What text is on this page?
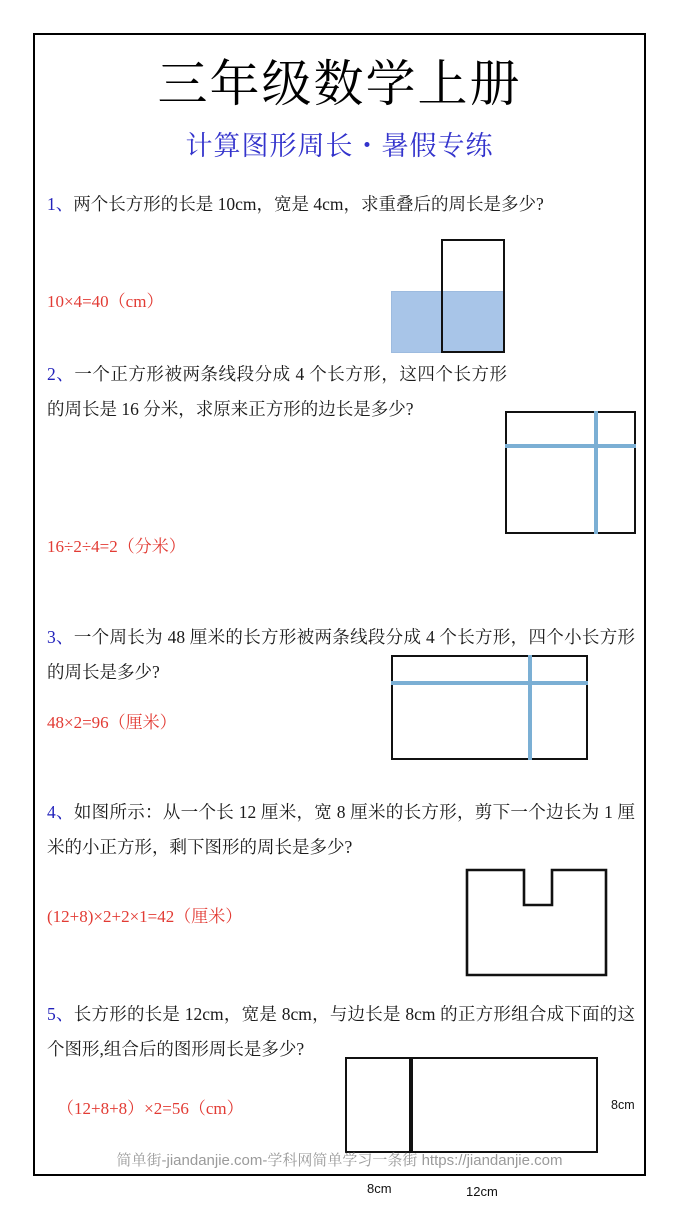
三年级数学上册
计算图形周长・暑假专练
1、两个长方形的长是 10cm，宽是 4cm，求重叠后的周长是多少?
10×4=40（cm）
2、一个正方形被两条线段分成 4 个长方形，这四个长方形的周长是 16 分米，求原来正方形的边长是多少?
16÷2÷4=2（分米）
3、一个周长为 48 厘米的长方形被两条线段分成 4 个长方形，四个小长方形的周长是多少?
48×2=96（厘米）
4、如图所示：从一个长 12 厘米，宽 8 厘米的长方形，剪下一个边长为 1 厘米的小正方形，剩下图形的周长是多少?
(12+8)×2+2×1=42（厘米）
5、长方形的长是 12cm，宽是 8cm，与边长是 8cm 的正方形组合成下面的这个图形,组合后的图形周长是多少?
（12+8+8）×2=56（cm）	8cm
简单街-jiandanjie.com-学科网简单学习一条街 https://jiandanjie.com
8cm	12cm
